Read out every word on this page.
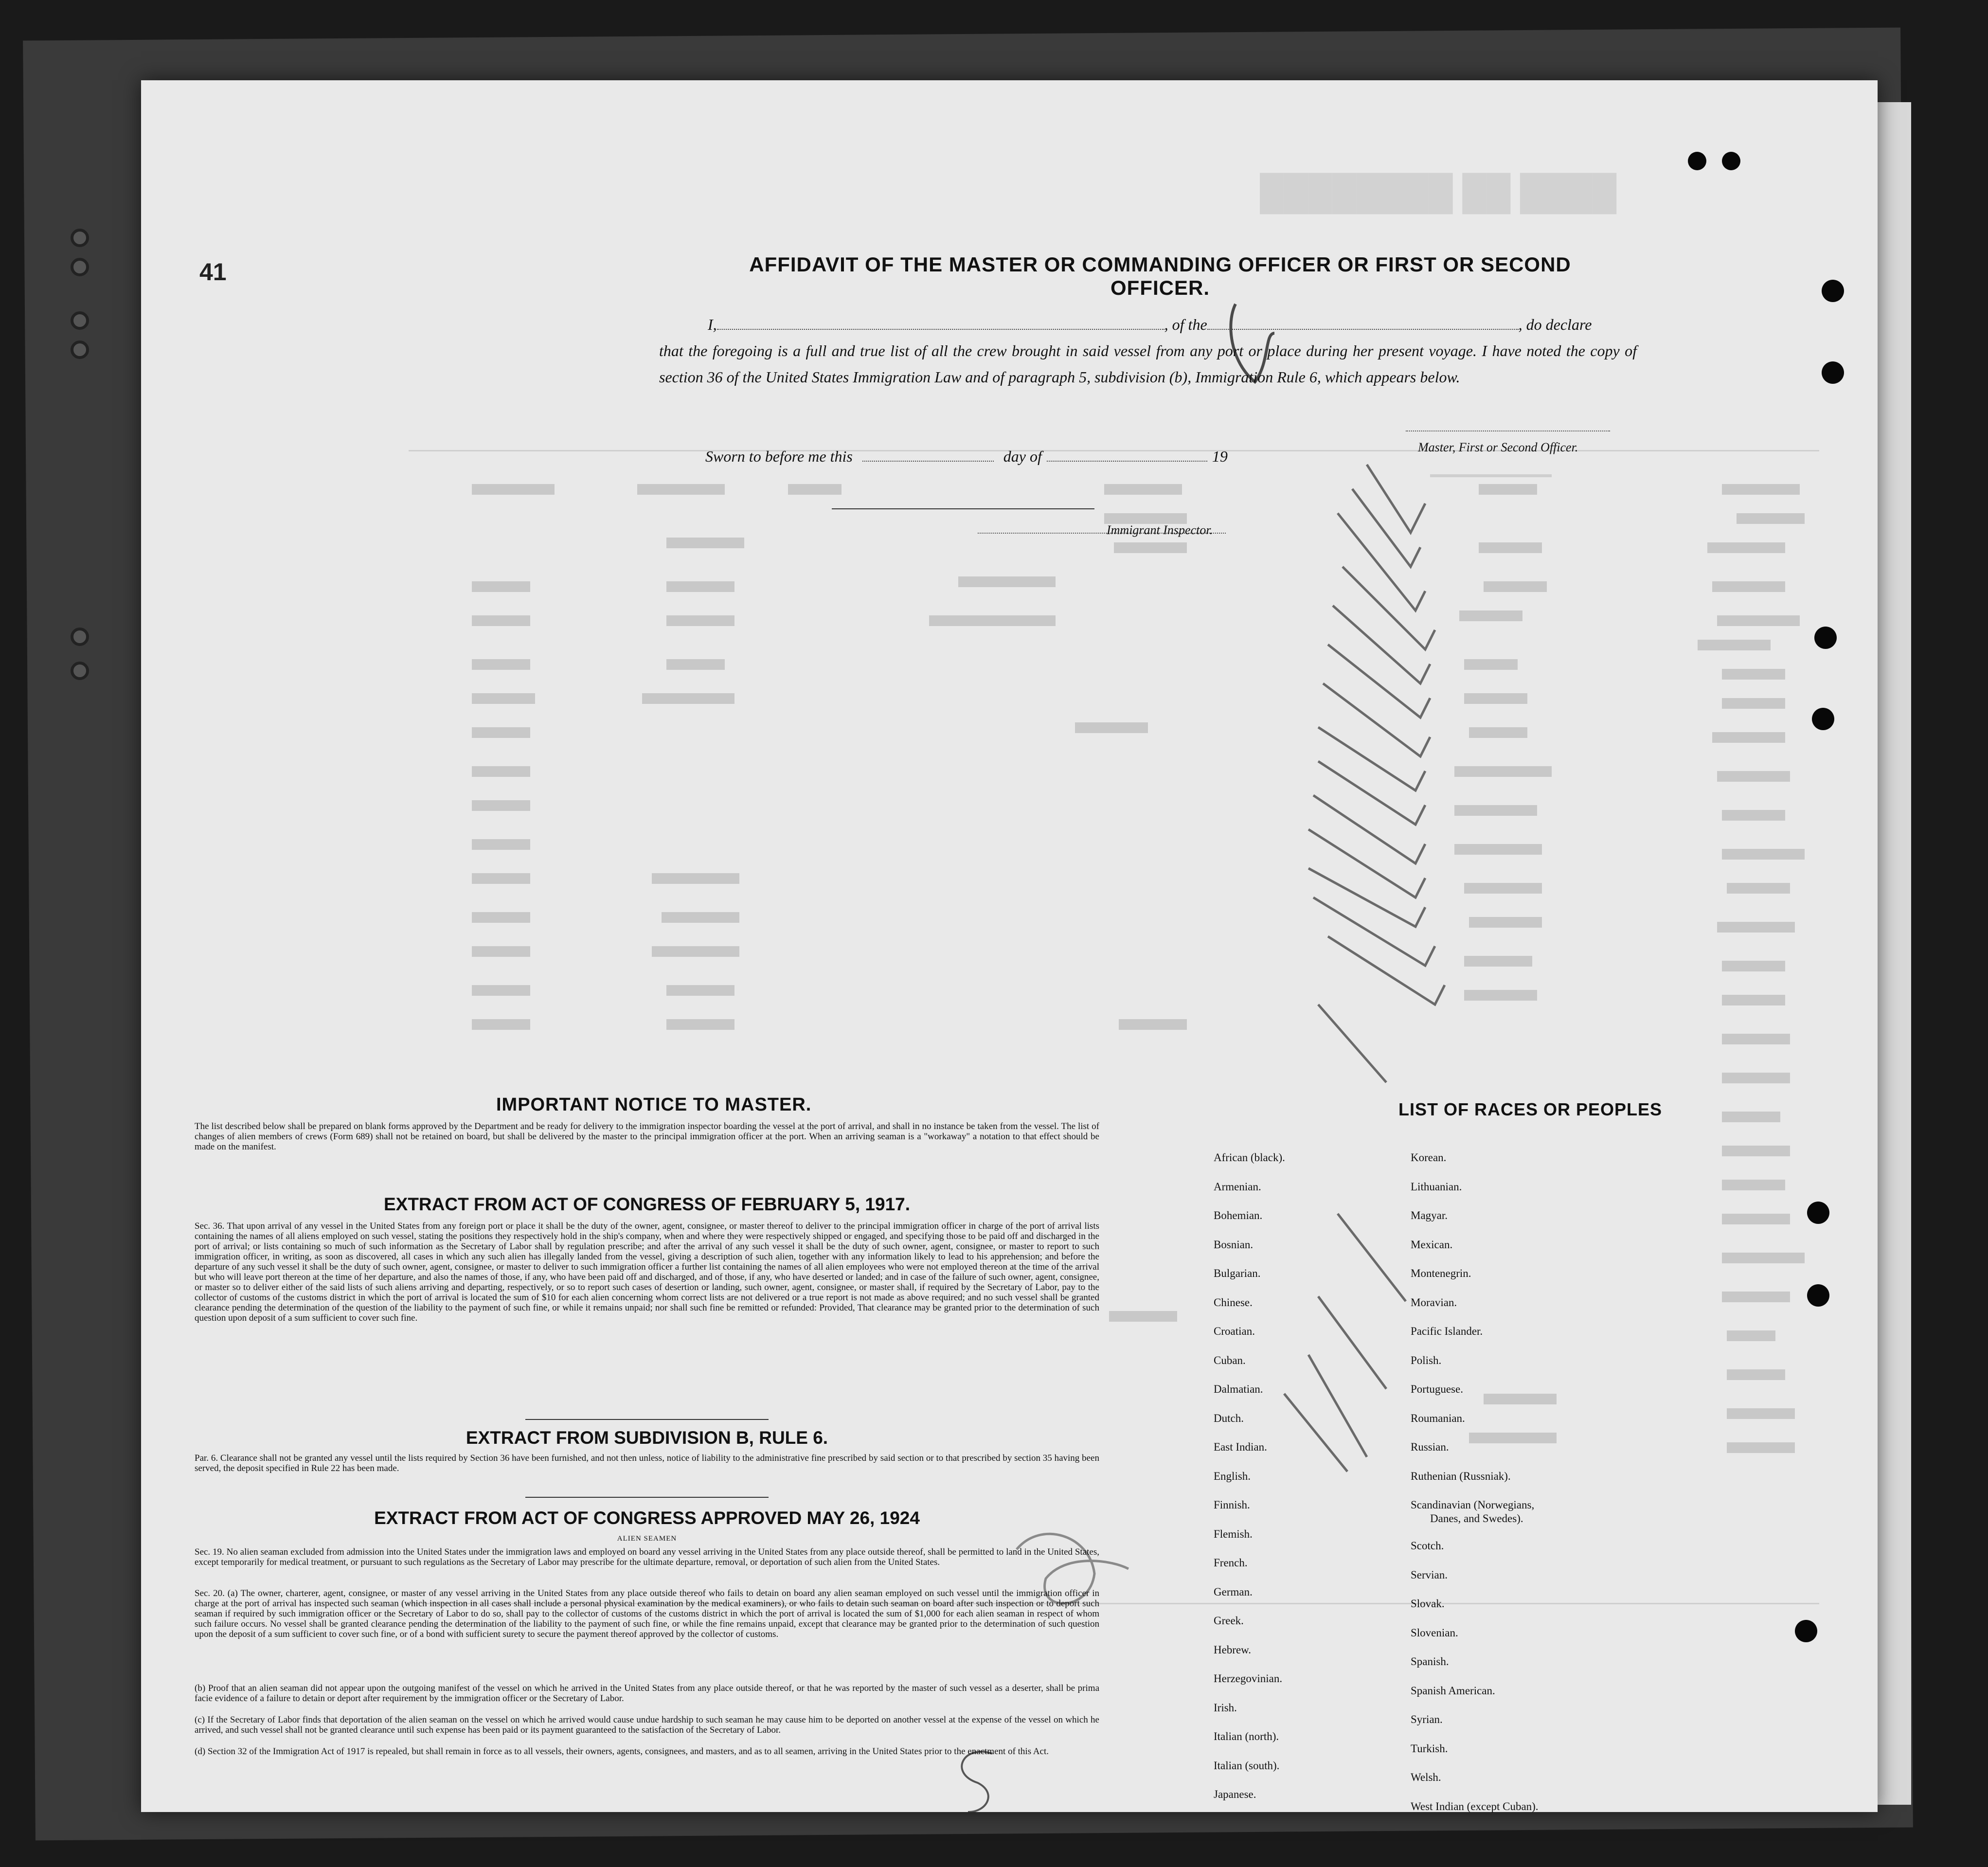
████ ██ ████████
41	AFFIDAVIT OF THE MASTER OR COMMANDING OFFICER OR FIRST OR SECOND OFFICER.
I,	, of the	, do declare
that the foregoing is a full and true list of all the crew brought in said vessel from any port or place during her present voyage. I have noted the copy of section 36 of the United States Immigration Law and of paragraph 5, subdivision (b), Immigration Rule 6, which appears below.
Master, First or Second Officer.
Sworn to before me this	day of	19
Immigrant Inspector.
IMPORTANT NOTICE TO MASTER.
The list described below shall be prepared on blank forms approved by the Department and be ready for delivery to the immigration inspector boarding the vessel at the port of arrival, and shall in no instance be taken from the vessel. The list of changes of alien members of crews (Form 689) shall not be retained on board, but shall be delivered by the master to the principal immigration officer at the port. When an arriving seaman is a "workaway" a notation to that effect should be made on the manifest.
EXTRACT FROM ACT OF CONGRESS OF FEBRUARY 5, 1917.
Sec. 36. That upon arrival of any vessel in the United States from any foreign port or place it shall be the duty of the owner, agent, consignee, or master thereof to deliver to the principal immigration officer in charge of the port of arrival lists containing the names of all aliens employed on such vessel, stating the positions they respectively hold in the ship's company, when and where they were respectively shipped or engaged, and specifying those to be paid off and discharged in the port of arrival; or lists containing so much of such information as the Secretary of Labor shall by regulation prescribe; and after the arrival of any such vessel it shall be the duty of such owner, agent, consignee, or master to report to such immigration officer, in writing, as soon as discovered, all cases in which any such alien has illegally landed from the vessel, giving a description of such alien, together with any information likely to lead to his apprehension; and before the departure of any such vessel it shall be the duty of such owner, agent, consignee, or master to deliver to such immigration officer a further list containing the names of all alien employees who were not employed thereon at the time of the arrival but who will leave port thereon at the time of her departure, and also the names of those, if any, who have been paid off and discharged, and of those, if any, who have deserted or landed; and in case of the failure of such owner, agent, consignee, or master so to deliver either of the said lists of such aliens arriving and departing, respectively, or so to report such cases of desertion or landing, such owner, agent, consignee, or master shall, if required by the Secretary of Labor, pay to the collector of customs of the customs district in which the port of arrival is located the sum of $10 for each alien concerning whom correct lists are not delivered or a true report is not made as above required; and no such vessel shall be granted clearance pending the determination of the question of the liability to the payment of such fine, or while it remains unpaid; nor shall such fine be remitted or refunded: Provided, That clearance may be granted prior to the determination of such question upon deposit of a sum sufficient to cover such fine.
EXTRACT FROM SUBDIVISION B, RULE 6.
Par. 6. Clearance shall not be granted any vessel until the lists required by Section 36 have been furnished, and not then unless, notice of liability to the administrative fine prescribed by said section or to that prescribed by section 35 having been served, the deposit specified in Rule 22 has been made.
EXTRACT FROM ACT OF CONGRESS APPROVED MAY 26, 1924
ALIEN SEAMEN
Sec. 19. No alien seaman excluded from admission into the United States under the immigration laws and employed on board any vessel arriving in the United States from any place outside thereof, shall be permitted to land in the United States, except temporarily for medical treatment, or pursuant to such regulations as the Secretary of Labor may prescribe for the ultimate departure, removal, or deportation of such alien from the United States.
Sec. 20. (a) The owner, charterer, agent, consignee, or master of any vessel arriving in the United States from any place outside thereof who fails to detain on board any alien seaman employed on such vessel until the immigration officer in charge at the port of arrival has inspected such seaman (which inspection in all cases shall include a personal physical examination by the medical examiners), or who fails to detain such seaman on board after such inspection or to deport such seaman if required by such immigration officer or the Secretary of Labor to do so, shall pay to the collector of customs of the customs district in which the port of arrival is located the sum of $1,000 for each alien seaman in respect of whom such failure occurs. No vessel shall be granted clearance pending the determination of the liability to the payment of such fine, or while the fine remains unpaid, except that clearance may be granted prior to the determination of such question upon the deposit of a sum sufficient to cover such fine, or of a bond with sufficient surety to secure the payment thereof approved by the collector of customs.
(b) Proof that an alien seaman did not appear upon the outgoing manifest of the vessel on which he arrived in the United States from any place outside thereof, or that he was reported by the master of such vessel as a deserter, shall be prima facie evidence of a failure to detain or deport after requirement by the immigration officer or the Secretary of Labor.
(c) If the Secretary of Labor finds that deportation of the alien seaman on the vessel on which he arrived would cause undue hardship to such seaman he may cause him to be deported on another vessel at the expense of the vessel on which he arrived, and such vessel shall not be granted clearance until such expense has been paid or its payment guaranteed to the satisfaction of the Secretary of Labor.
(d) Section 32 of the Immigration Act of 1917 is repealed, but shall remain in force as to all vessels, their owners, agents, consignees, and masters, and as to all seamen, arriving in the United States prior to the enactment of this Act.
LIST OF RACES OR PEOPLES
African (black).
Armenian.
Bohemian.
Bosnian.
Bulgarian.
Chinese.
Croatian.
Cuban.
Dalmatian.
Dutch.
East Indian.
English.
Finnish.
Flemish.
French.
German.
Greek.
Hebrew.
Herzegovinian.
Irish.
Italian (north).
Italian (south).
Japanese.
Korean.
Lithuanian.
Magyar.
Mexican.
Montenegrin.
Moravian.
Pacific Islander.
Polish.
Portuguese.
Roumanian.
Russian.
Ruthenian (Russniak).
Scandinavian (Norwegians,
Danes, and Swedes).
Scotch.
Servian.
Slovak.
Slovenian.
Spanish.
Spanish American.
Syrian.
Turkish.
Welsh.
West Indian (except Cuban).
